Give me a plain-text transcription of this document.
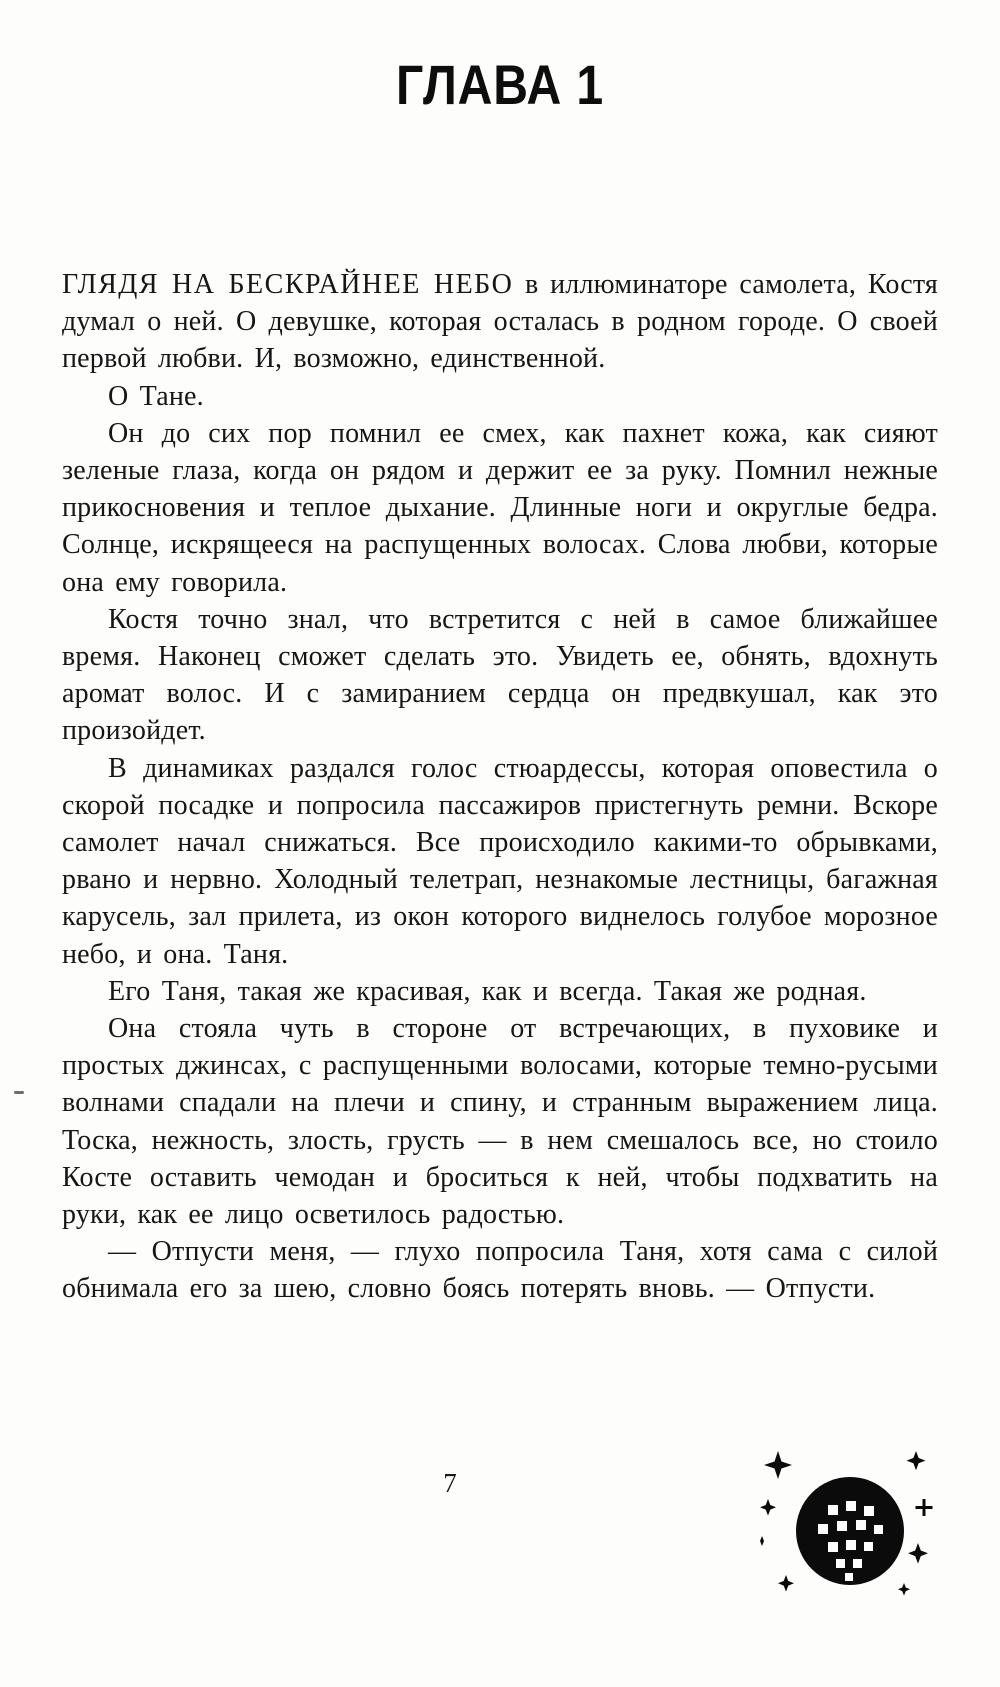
ГЛАВА 1

ГЛЯДЯ НА БЕСКРАЙНЕЕ НЕБО в иллюминаторе самолета, Костя думал о ней. О девушке, которая осталась в родном городе. О своей первой любви. И, возможно, единственной.

О Тане.

Он до сих пор помнил ее смех, как пахнет кожа, как сияют зеленые глаза, когда он рядом и держит ее за руку. Помнил нежные прикосновения и теплое дыхание. Длинные ноги и округлые бедра. Солнце, искрящееся на распущенных волосах. Слова любви, которые она ему говорила.

Костя точно знал, что встретится с ней в самое ближайшее время. Наконец сможет сделать это. Увидеть ее, обнять, вдохнуть аромат волос. И с замиранием сердца он предвкушал, как это произойдет.

В динамиках раздался голос стюардессы, которая оповестила о скорой посадке и попросила пассажиров пристегнуть ремни. Вскоре самолет начал снижаться. Все происходило какими-то обрывками, рвано и нервно. Холодный телетрап, незнакомые лестницы, багажная карусель, зал прилета, из окон которого виднелось голубое морозное небо, и она. Таня.

Его Таня, такая же красивая, как и всегда. Такая же родная.

Она стояла чуть в стороне от встречающих, в пуховике и простых джинсах, с распущенными волосами, которые темно-русыми волнами спадали на плечи и спину, и странным выражением лица. Тоска, нежность, злость, грусть — в нем смешалось все, но стоило Косте оставить чемодан и броситься к ней, чтобы подхватить на руки, как ее лицо осветилось радостью.

— Отпусти меня, — глухо попросила Таня, хотя сама с силой обнимала его за шею, словно боясь потерять вновь. — Отпусти.

7
